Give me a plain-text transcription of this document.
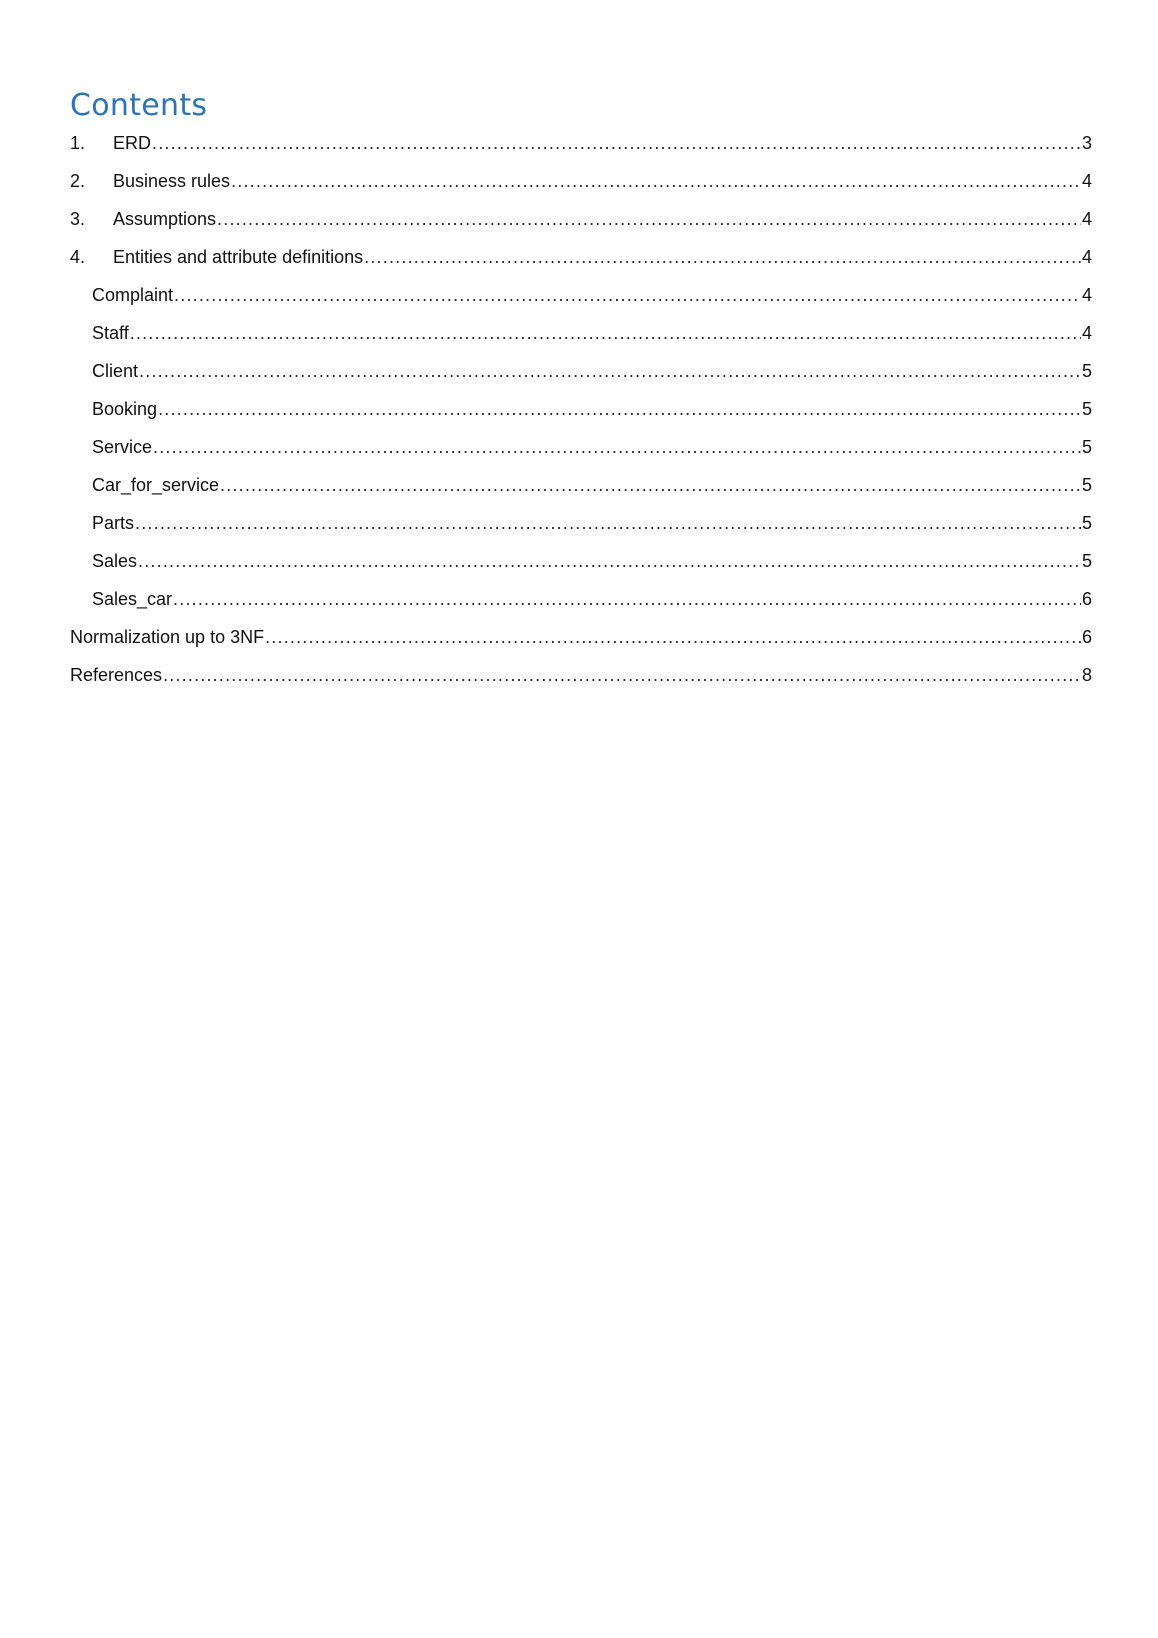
Contents
1.	ERD .....	3
2.	Business rules .....	4
3.	Assumptions .....	4
4.	Entities and attribute definitions .....	4
Complaint .....	4
Staff .....	4
Client .....	5
Booking .....	5
Service .....	5
Car_for_service .....	5
Parts .....	5
Sales .....	5
Sales_car .....	6
Normalization up to 3NF .....	6
References .....	8
